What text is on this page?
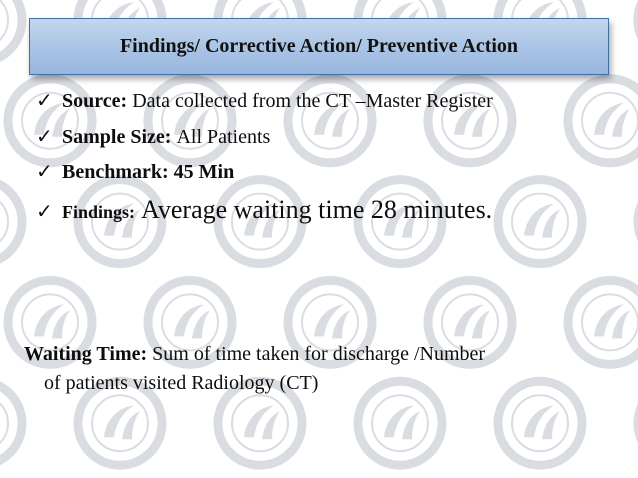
Findings/ Corrective Action/ Preventive Action
✓ Source: Data collected from the CT –Master Register
✓ Sample Size: All Patients
✓ Benchmark: 45 Min
✓ Findings: Average waiting time 28 minutes.
Waiting Time: Sum of time taken for discharge /Number
of patients visited Radiology (CT)
